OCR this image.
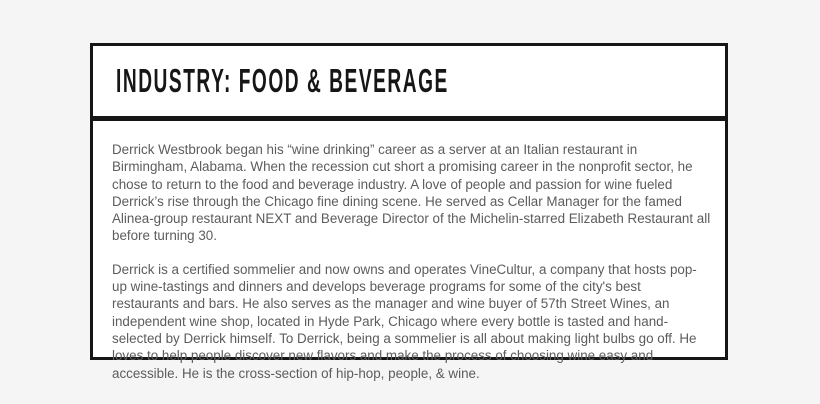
INDUSTRY: FOOD & BEVERAGE

Derrick Westbrook began his “wine drinking” career as a server at an Italian restaurant in Birmingham, Alabama. When the recession cut short a promising career in the nonprofit sector, he chose to return to the food and beverage industry. A love of people and passion for wine fueled Derrick’s rise through the Chicago fine dining scene. He served as Cellar Manager for the famed Alinea-group restaurant NEXT and Beverage Director of the Michelin-starred Elizabeth Restaurant all before turning 30.

Derrick is a certified sommelier and now owns and operates VineCultur, a company that hosts pop-up wine-tastings and dinners and develops beverage programs for some of the city's best restaurants and bars. He also serves as the manager and wine buyer of 57th Street Wines, an independent wine shop, located in Hyde Park, Chicago where every bottle is tasted and hand-selected by Derrick himself. To Derrick, being a sommelier is all about making light bulbs go off. He loves to help people discover new flavors and make the process of choosing wine easy and accessible. He is the cross-section of hip-hop, people, & wine.
